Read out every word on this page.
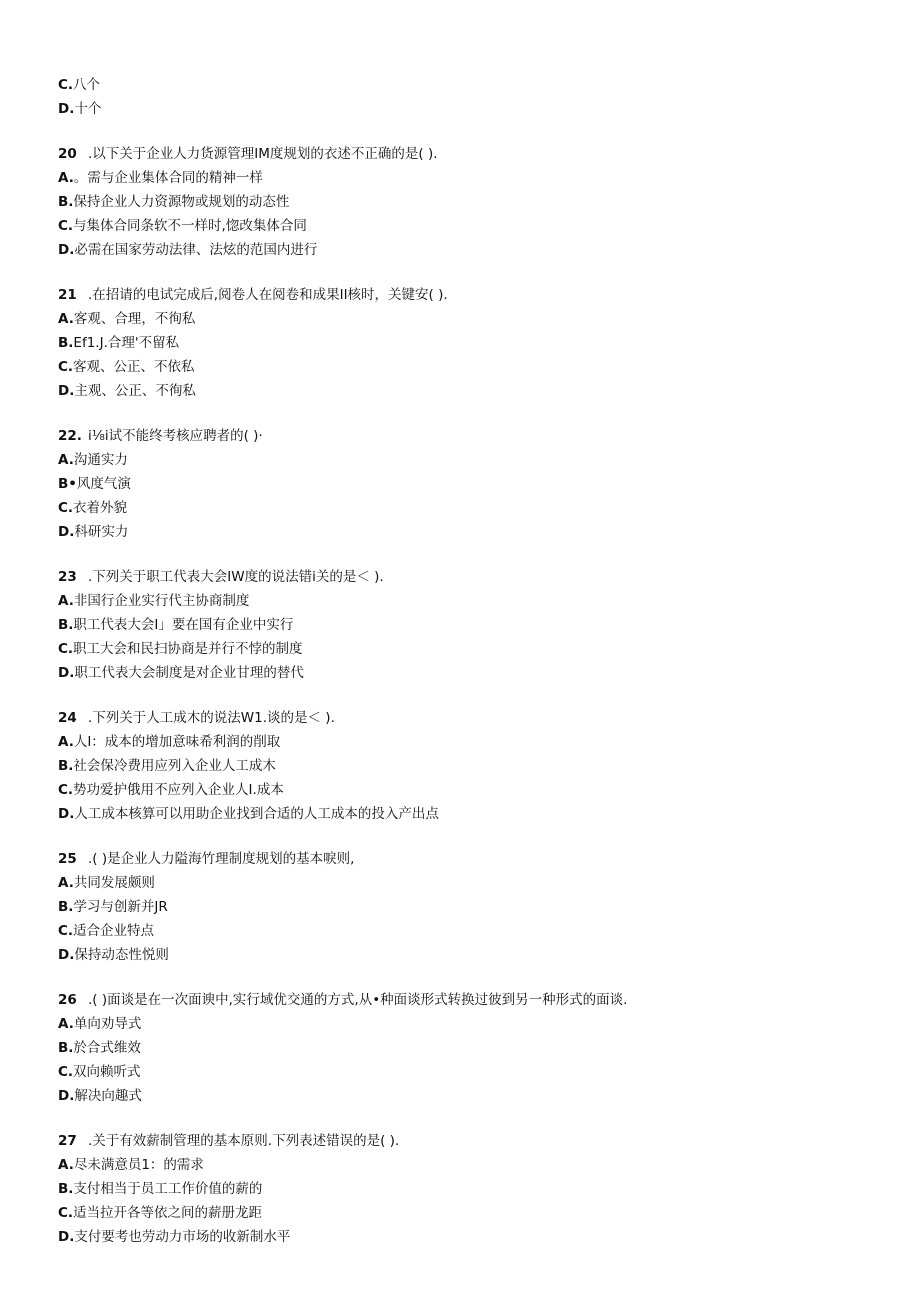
C.八个
D.十个
20 .以下关于企业人力货源管理IM度规划的衣述不正确的是( ).
A.。需与企业集体合同的精神一样
B.保持企业人力资源物或规划的动态性
C.与集体合同条软不一样时,惚改集体合同
D.必需在国家劳动法律、法炫的范国内进行
21 .在招请的电试完成后,阅卷人在阅卷和成果II核时，关键安( ).
A.客观、合理，不徇私
B.Ef1.J.合理'不留私
C.客观、公正、不依私
D.主观、公正、不徇私
22. i⅛i试不能终考核应聘者的( )·
A.沟通实力
B•风度气演
C.衣着外貌
D.科研实力
23 .下列关于职工代表大会IW度的说法错i关的是＜ ).
A.非国行企业实行代主协商制度
B.职工代表大会I」要在国有企业中实行
C.职工大会和民扫协商是并行不悖的制度
D.职工代表大会制度是对企业甘理的替代
24 .下列关于人工成木的说法W1.谈的是＜ ).
A.人I：成本的增加意味希利润的削取
B.社会保冷费用应列入企业人工成木
C.势功爱护俄用不应列入企业人I.成本
D.人工成本核算可以用助企业找到合适的人工成本的投入产出点
25 .( )是企业人力隘海竹理制度规划的基本唳则,
A.共同发展颇则
B.学习与创新并JR
C.适合企业特点
D.保持动态性悦则
26 .( )面谈是在一次面谀中,实行域优交通的方式,从•种面谈形式转换过彼到另一种形式的面谈.
A.单向劝导式
B.於合式维效
C.双向赖听式
D.解决向趣式
27 .关于有效薪制管理的基本原则.下列表述错误的是( ).
A.尽未满意员1：的需求
B.支付相当于员工工作价值的薪的
C.适当拉开各等依之间的薪册龙距
D.支付要考也劳动力市场的收新制水平
